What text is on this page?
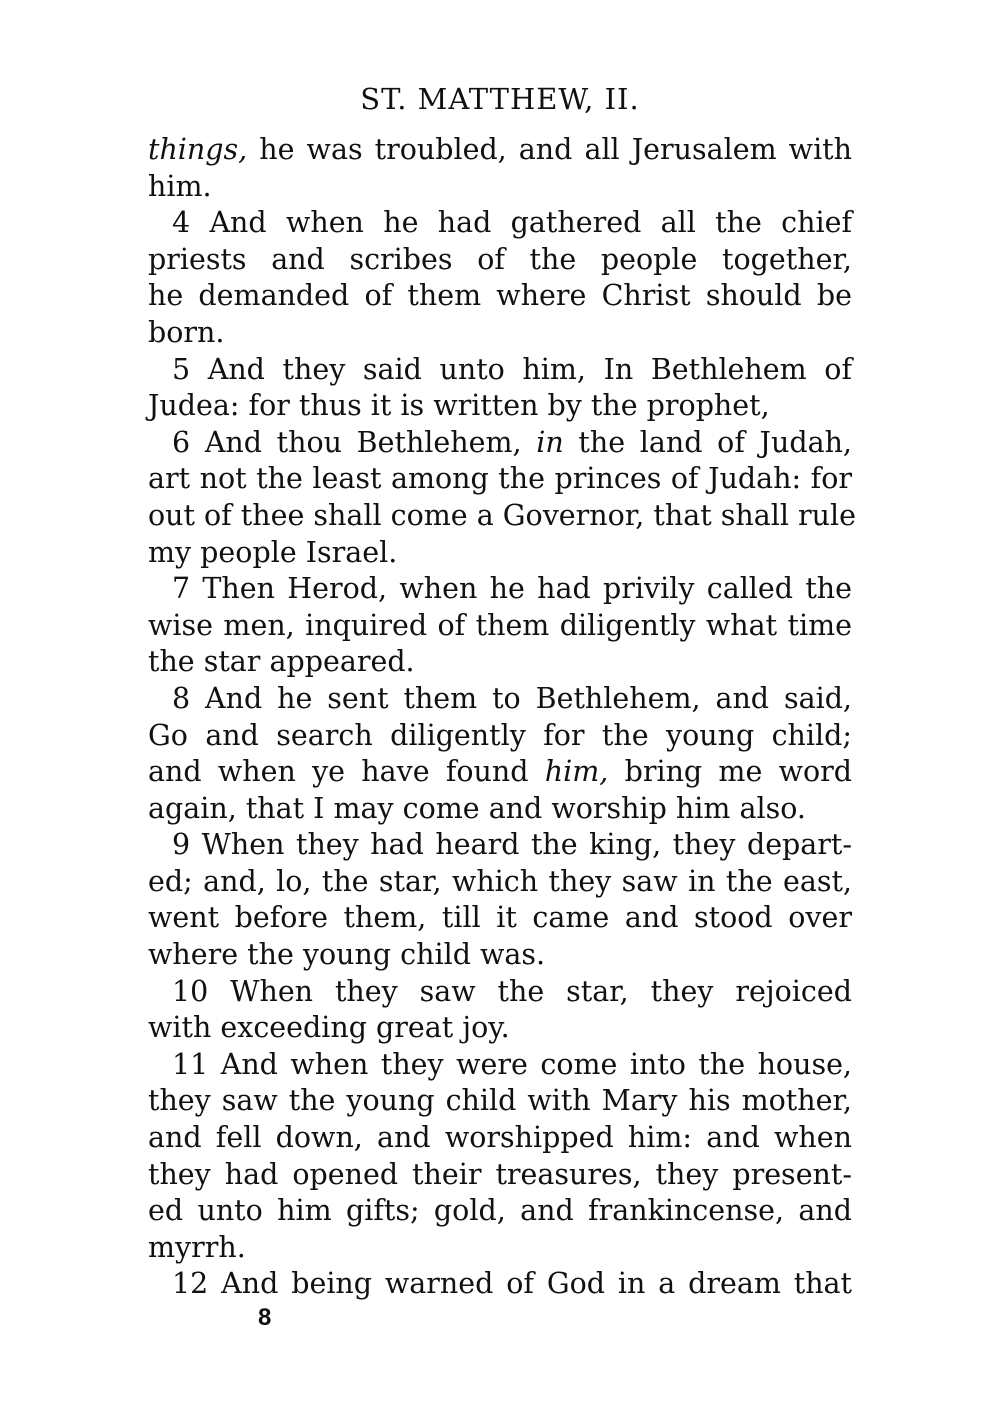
ST. MATTHEW, II.
things, he was troubled, and all Jerusalem with
him.
4 And when he had gathered all the chief
priests and scribes of the people together,
he demanded of them where Christ should be
born.
5 And they said unto him, In Bethlehem of
Judea: for thus it is written by the prophet,
6 And thou Bethlehem, in the land of Judah,
art not the least among the princes of Judah: for
out of thee shall come a Governor, that shall rule
my people Israel.
7 Then Herod, when he had privily called the
wise men, inquired of them diligently what time
the star appeared.
8 And he sent them to Bethlehem, and said,
Go and search diligently for the young child;
and when ye have found him, bring me word
again, that I may come and worship him also.
9 When they had heard the king, they depart-
ed; and, lo, the star, which they saw in the east,
went before them, till it came and stood over
where the young child was.
10 When they saw the star, they rejoiced
with exceeding great joy.
11 And when they were come into the house,
they saw the young child with Mary his mother,
and fell down, and worshipped him: and when
they had opened their treasures, they present-
ed unto him gifts; gold, and frankincense, and
myrrh.
12 And being warned of God in a dream that
8
